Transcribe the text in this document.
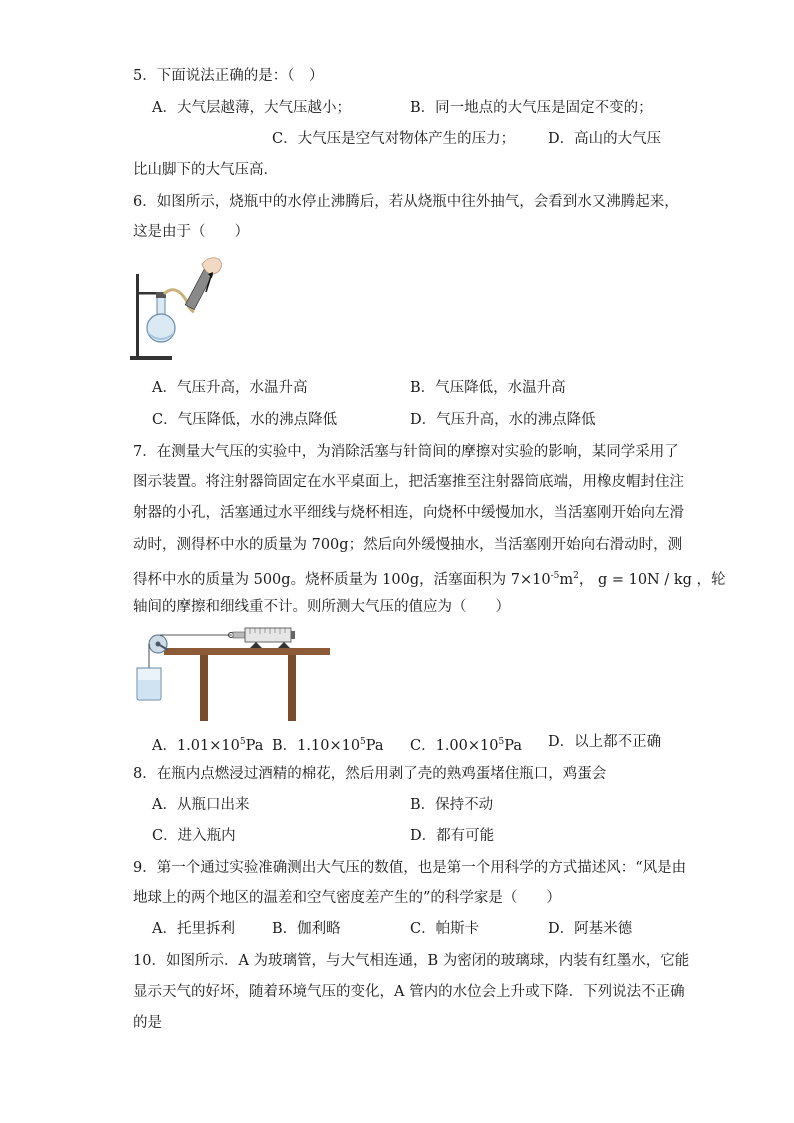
5．下面说法正确的是：（　）
A．大气层越薄，大气压越小；	B．同一地点的大气压是固定不变的；
C．大气压是空气对物体产生的压力； D．高山的大气压
比山脚下的大气压高．
6．如图所示，烧瓶中的水停止沸腾后，若从烧瓶中往外抽气，会看到水又沸腾起来，
这是由于（　　）
A．气压升高，水温升高	B．气压降低，水温升高
C．气压降低，水的沸点降低	D．气压升高，水的沸点降低
7．在测量大气压的实验中，为消除活塞与针筒间的摩擦对实验的影响，某同学采用了
图示装置。将注射器筒固定在水平桌面上，把活塞推至注射器筒底端，用橡皮帽封住注
射器的小孔，活塞通过水平细线与烧杯相连，向烧杯中缓慢加水，当活塞刚开始向左滑
动时，测得杯中水的质量为 700g；然后向外缓慢抽水，当活塞刚开始向右滑动时，测
得杯中水的质量为 500g。烧杯质量为 100g，活塞面积为 $7\times 10^{-5}m^2$， g = 10N / kg ，轮
轴间的摩擦和细线重不计。则所测大气压的值应为（　　）
A．$1.01\times 10^5Pa$ B．$1.10\times 10^5Pa$ C．$1.00\times 10^5Pa$ D．以上都不正确
8．在瓶内点燃浸过酒精的棉花，然后用剥了壳的熟鸡蛋堵住瓶口，鸡蛋会
A．从瓶口出来	B．保持不动
C．进入瓶内	D．都有可能
9．第一个通过实验准确测出大气压的数值，也是第一个用科学的方式描述风：“风是由
地球上的两个地区的温差和空气密度差产生的”的科学家是（　　）
A．托里拆利	B．伽利略	C．帕斯卡	D．阿基米德
10．如图所示．A 为玻璃管，与大气相连通，B 为密闭的玻璃球，内装有红墨水，它能
显示天气的好坏，随着环境气压的变化，A 管内的水位会上升或下降．下列说法不正确
的是
